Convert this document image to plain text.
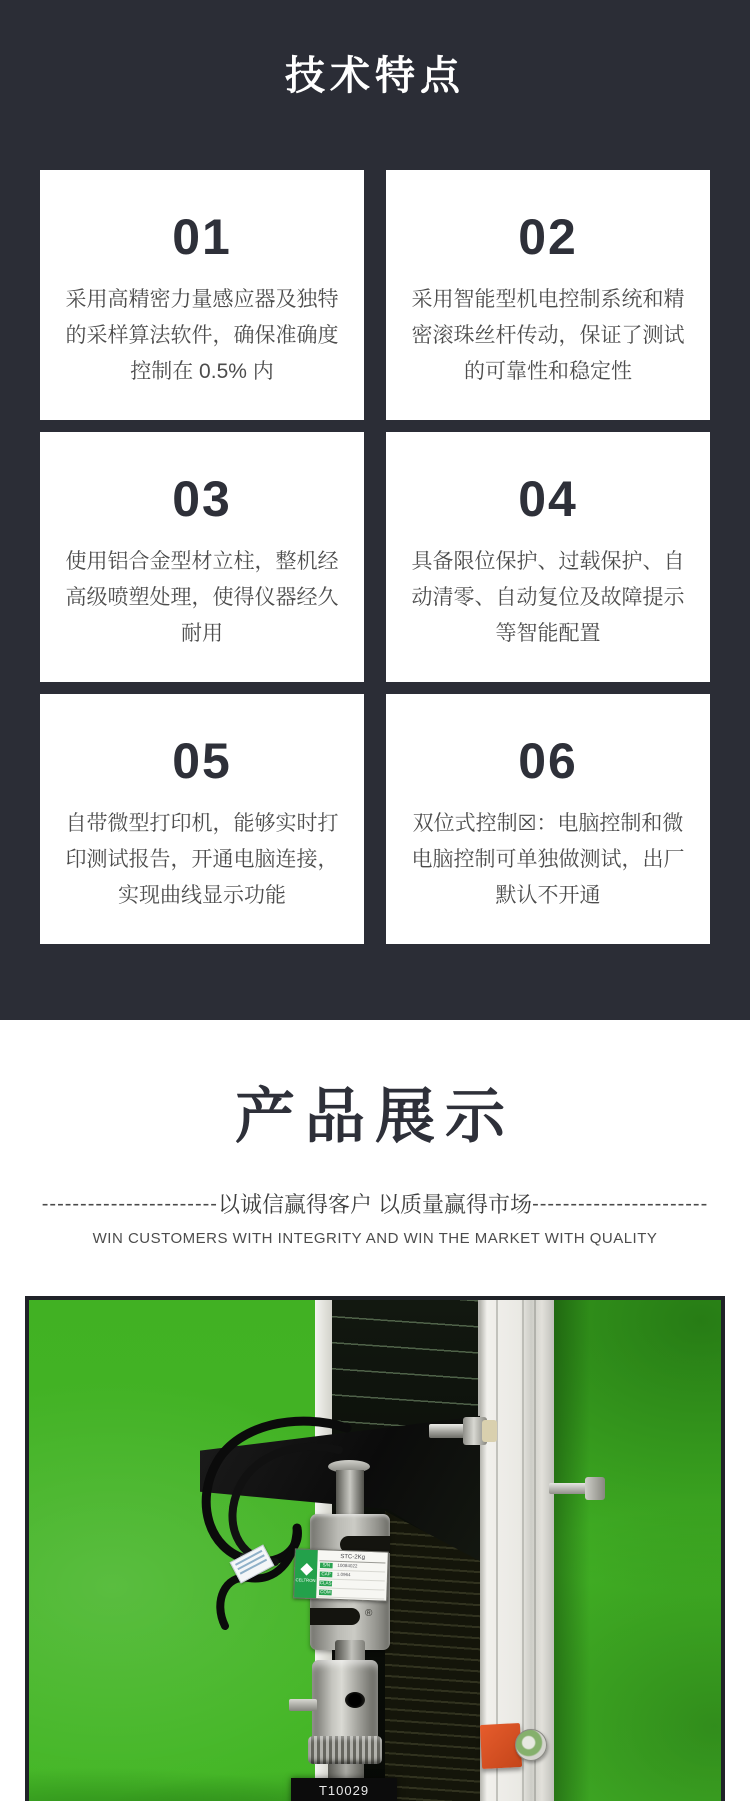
技术特点
01

采用高精密力量感应器及独特的采样算法软件，确保准确度控制在 0.5% 内

02

采用智能型机电控制系统和精密滚珠丝杆传动，保证了测试的可靠性和稳定性

03

使用铝合金型材立柱，整机经高级喷塑处理，使得仪器经久耐用

04

具备限位保护、过载保护、自动清零、自动复位及故障提示等智能配置

05

自带微型打印机，能够实时打印测试报告，开通电脑连接，实现曲线显示功能

06

双位式控制☒：电脑控制和微电脑控制可单独做测试，出厂默认不开通

产品展示
-----------------------以诚信赢得客户 以质量赢得市场-----------------------
WIN CUSTOMERS WITH INTEGRITY AND WIN THE MARKET WITH QUALITY
CELTRON
STC-2Kg
S/N	10084022
CAP	1.0964
CLAS
COM
®
T10029
